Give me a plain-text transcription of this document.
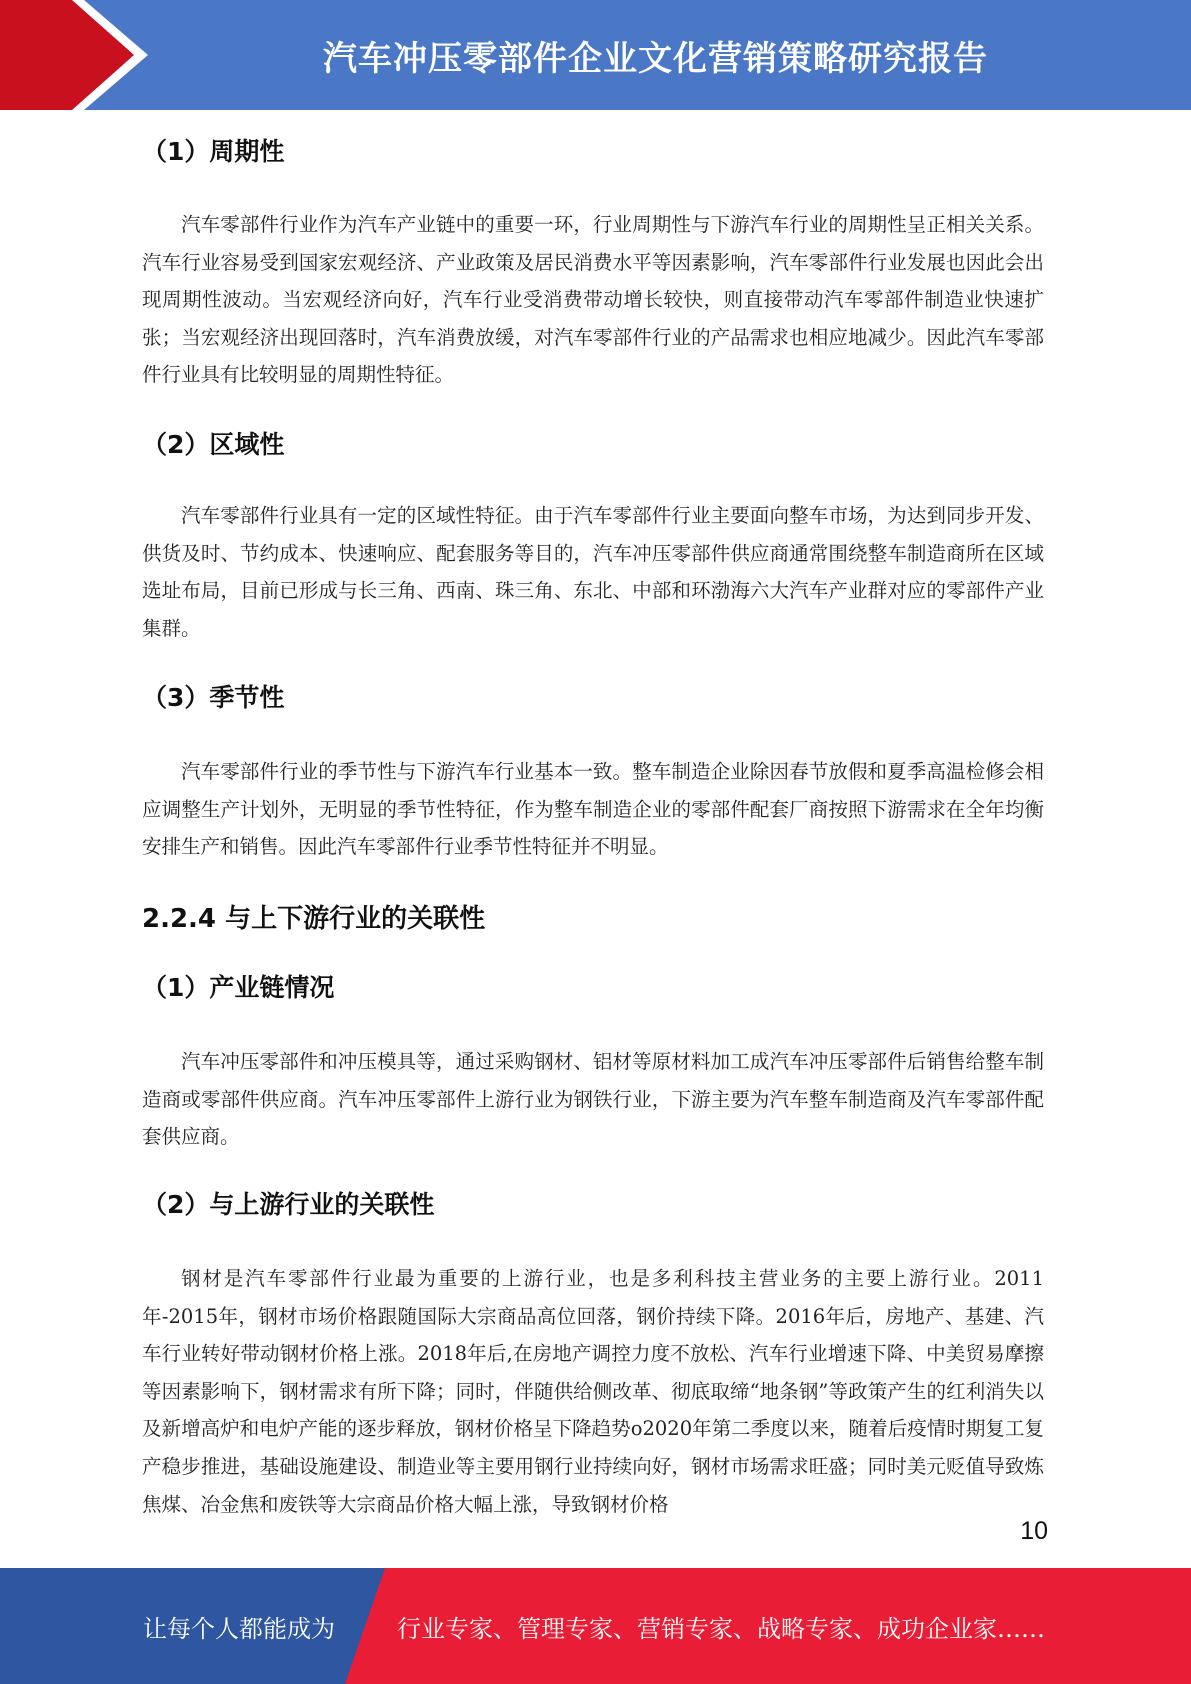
汽车冲压零部件企业文化营销策略研究报告
（1）周期性

汽车零部件行业作为汽车产业链中的重要一环，行业周期性与下游汽车行业的周期性呈正相关关系。汽车行业容易受到国家宏观经济、产业政策及居民消费水平等因素影响，汽车零部件行业发展也因此会出现周期性波动。当宏观经济向好，汽车行业受消费带动增长较快，则直接带动汽车零部件制造业快速扩张；当宏观经济出现回落时，汽车消费放缓，对汽车零部件行业的产品需求也相应地减少。因此汽车零部件行业具有比较明显的周期性特征。

（2）区域性

汽车零部件行业具有一定的区域性特征。由于汽车零部件行业主要面向整车市场，为达到同步开发、供货及时、节约成本、快速响应、配套服务等目的，汽车冲压零部件供应商通常围绕整车制造商所在区域选址布局，目前已形成与长三角、西南、珠三角、东北、中部和环渤海六大汽车产业群对应的零部件产业集群。

（3）季节性

汽车零部件行业的季节性与下游汽车行业基本一致。整车制造企业除因春节放假和夏季高温检修会相应调整生产计划外，无明显的季节性特征，作为整车制造企业的零部件配套厂商按照下游需求在全年均衡安排生产和销售。因此汽车零部件行业季节性特征并不明显。

2.2.4 与上下游行业的关联性
（1）产业链情况

汽车冲压零部件和冲压模具等，通过采购钢材、铝材等原材料加工成汽车冲压零部件后销售给整车制造商或零部件供应商。汽车冲压零部件上游行业为钢铁行业，下游主要为汽车整车制造商及汽车零部件配套供应商。

（2）与上游行业的关联性

钢材是汽车零部件行业最为重要的上游行业，也是多利科技主营业务的主要上游行业。2011年-2015年，钢材市场价格跟随国际大宗商品高位回落，钢价持续下降。2016年后，房地产、基建、汽车行业转好带动钢材价格上涨。2018年后,在房地产调控力度不放松、汽车行业增速下降、中美贸易摩擦等因素影响下，钢材需求有所下降；同时，伴随供给侧改革、彻底取缔“地条钢”等政策产生的红利消失以及新增高炉和电炉产能的逐步释放，钢材价格呈下降趋势o2020年第二季度以来，随着后疫情时期复工复产稳步推进，基础设施建设、制造业等主要用钢行业持续向好，钢材市场需求旺盛；同时美元贬值导致炼焦煤、冶金焦和废铁等大宗商品价格大幅上涨，导致钢材价格

10
让每个人都能成为	行业专家、管理专家、营销专家、战略专家、成功企业家……
